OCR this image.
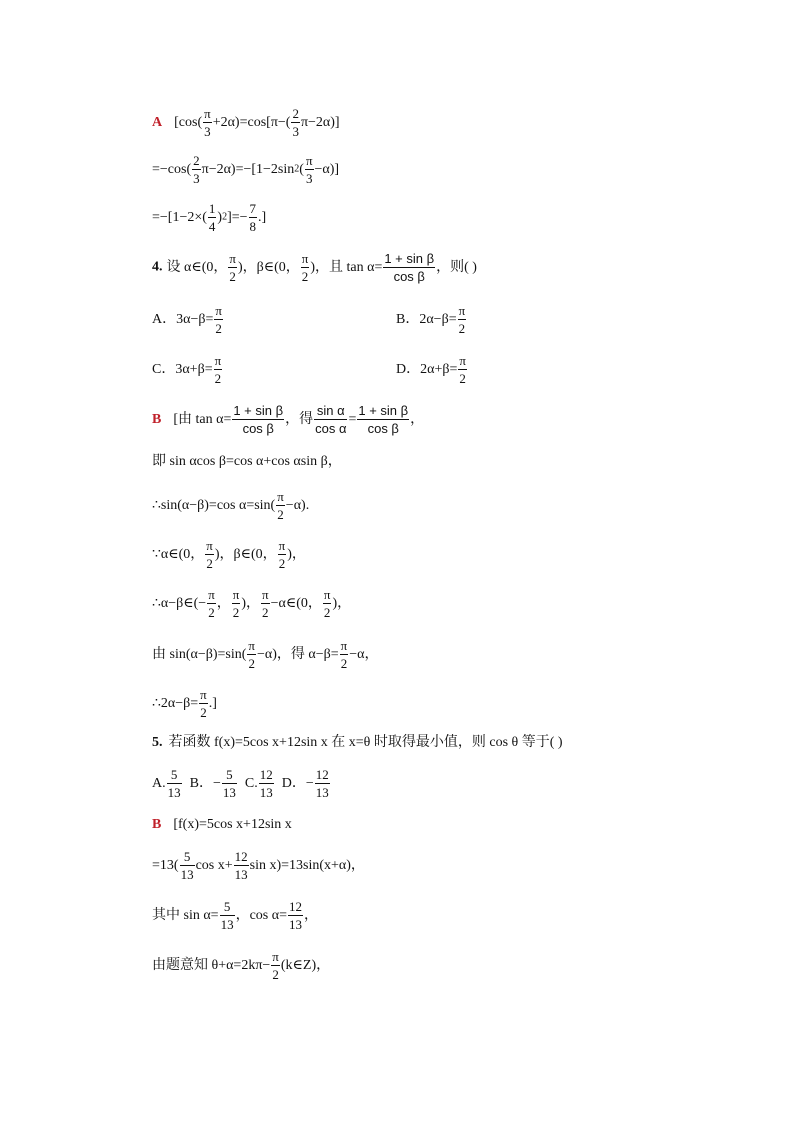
A [$\cos( \frac{\pi}{3} +2\alpha)=\cos[\pi-( \frac{2}{3} \pi-2\alpha)]$
$=-\cos( \frac{2}{3} \pi-2\alpha)=-[1-2\sin 2( \frac{\pi}{3} -\alpha)]$
$=-[1-2\times( \frac{1}{4} )2]=- \frac{7}{8}$ .]
4. 设 α∈(0， $\frac{\pi}{2}$ )，β∈(0， $\frac{\pi}{2}$ )，且 $\tan \alpha= \frac{\text{1 + sin β}}{\text{cos β}}$ ，则( )
A．$3\alpha-\beta= \frac{\pi}{2}$	B．$2\alpha-\beta= \frac{\pi}{2}$
C．$3\alpha+\beta= \frac{\pi}{2}$	D．$2\alpha+\beta= \frac{\pi}{2}$
B [由 $\tan \alpha= \frac{\text{1 + sin β}}{\text{cos β}}$ ，得 $\frac{\text{sin α}}{\text{cos α}} = \frac{\text{1 + sin β}}{\text{cos β}}$ ，
即 sin αcos β=cos α+cos αsin β，
∴sin(α−β)=cos $\alpha=\sin( \frac{\pi}{2} -\alpha)$.
∵α∈(0， $\frac{\pi}{2}$ )，β∈(0， $\frac{\pi}{2}$ )，
∴α−β∈(− $\frac{\pi}{2}$ ， $\frac{\pi}{2}$ )， $\frac{\pi}{2}$ −α∈(0， $\frac{\pi}{2}$ )，
由 $\sin(\alpha-\beta)=\sin( \frac{\pi}{2} -\alpha)$，得 $\alpha-\beta= \frac{\pi}{2} -\alpha$，
∴2α−β= $\frac{\pi}{2}$ .]
5. 若函数 f(x)=5cos x+12sin x 在 x=θ 时取得最小值，则 cos θ 等于( )
A. $\frac{5}{13}$ B．− $\frac{5}{13} C$. $\frac{12}{13}$ D．− $\frac{12}{13}$
B [f(x)=5cos x+12sin x
$=13( \frac{5}{13}$ $\cos x+ \frac{12}{13}$ sin x)=13sin(x+α)，
其中 $\sin \alpha= \frac{5}{13}$ ，$\cos \alpha= \frac{12}{13}$ ，
由题意知 $\theta+\alpha=2k\pi- \frac{\pi}{2}$ (k∈Z)，
